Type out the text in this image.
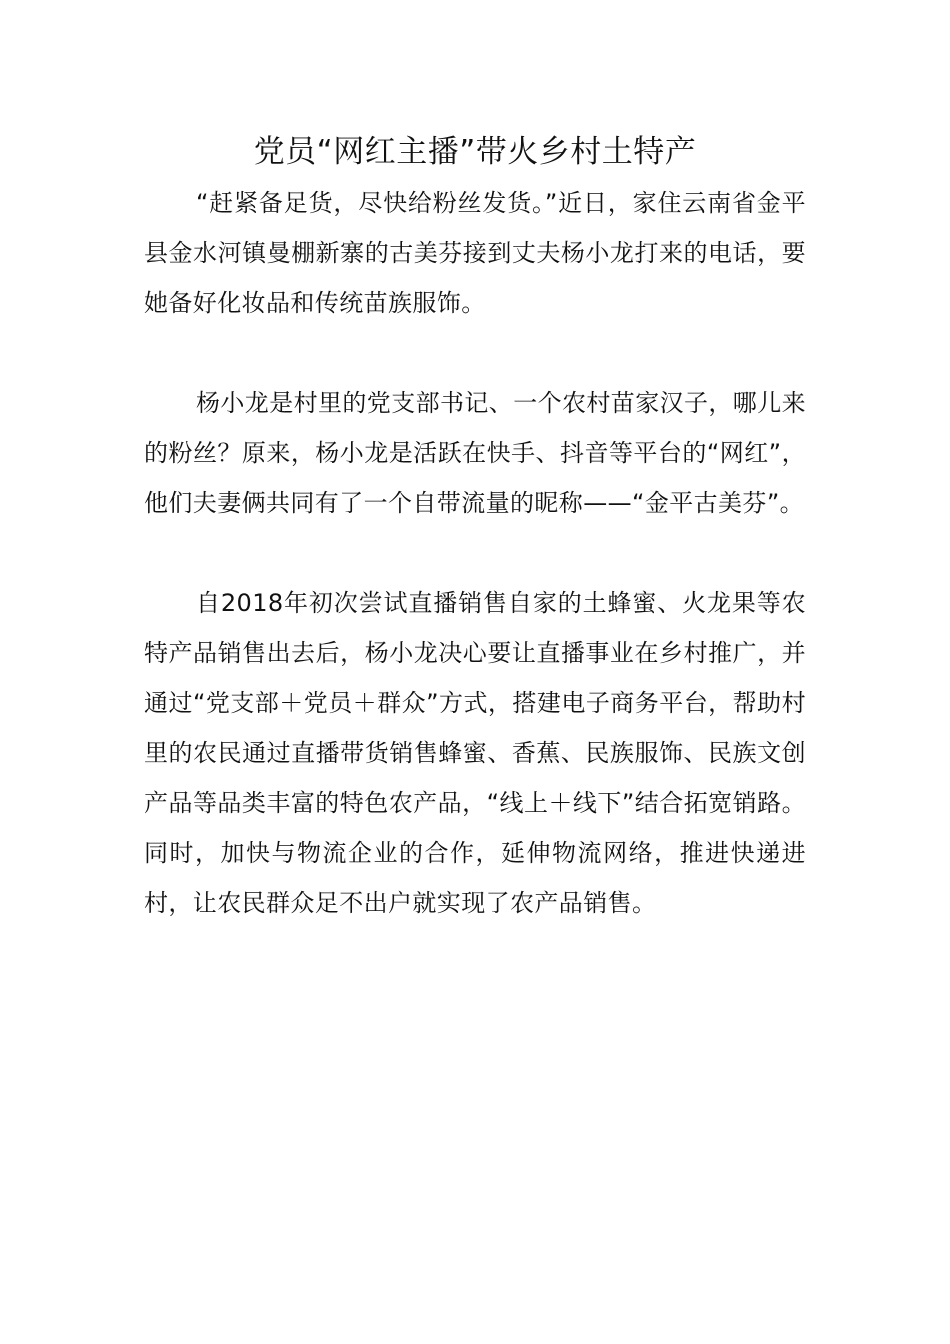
党员“网红主播”带火乡村土特产

“赶紧备足货，尽快给粉丝发货。”近日，家住云南省金平县金水河镇曼棚新寨的古美芬接到丈夫杨小龙打来的电话，要她备好化妆品和传统苗族服饰。

杨小龙是村里的党支部书记、一个农村苗家汉子，哪儿来的粉丝？原来，杨小龙是活跃在快手、抖音等平台的“网红”，他们夫妻俩共同有了一个自带流量的昵称——“金平古美芬”。

自2018年初次尝试直播销售自家的土蜂蜜、火龙果等农特产品销售出去后，杨小龙决心要让直播事业在乡村推广，并通过“党支部＋党员＋群众”方式，搭建电子商务平台，帮助村里的农民通过直播带货销售蜂蜜、香蕉、民族服饰、民族文创产品等品类丰富的特色农产品，“线上＋线下”结合拓宽销路。同时，加快与物流企业的合作，延伸物流网络，推进快递进村，让农民群众足不出户就实现了农产品销售。
